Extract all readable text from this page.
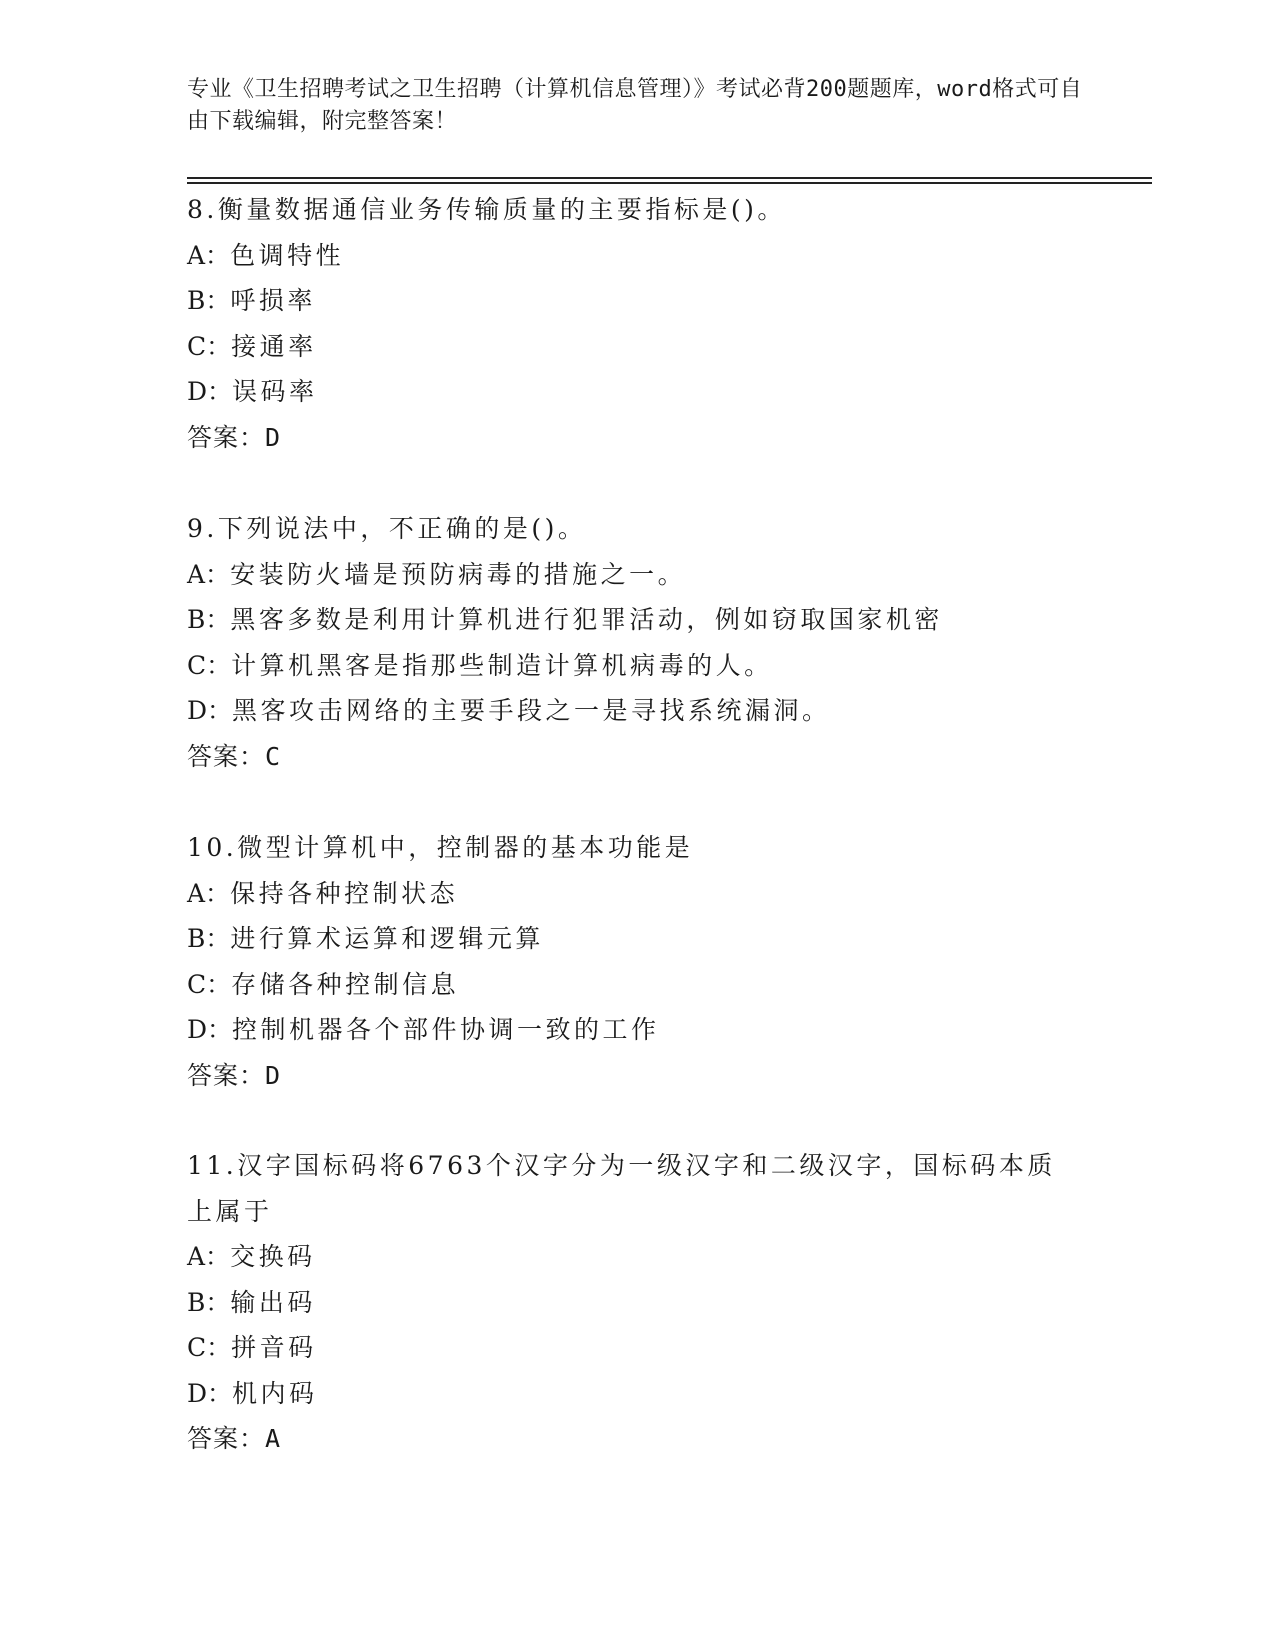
专业《卫生招聘考试之卫生招聘（计算机信息管理）》考试必背200题题库，word格式可自由下载编辑，附完整答案！
8.衡量数据通信业务传输质量的主要指标是()。
A：色调特性
B：呼损率
C：接通率
D：误码率
答案：D
9.下列说法中，不正确的是()。
A：安装防火墙是预防病毒的措施之一。
B：黑客多数是利用计算机进行犯罪活动，例如窃取国家机密
C：计算机黑客是指那些制造计算机病毒的人。
D：黑客攻击网络的主要手段之一是寻找系统漏洞。
答案：C
10.微型计算机中，控制器的基本功能是
A：保持各种控制状态
B：进行算术运算和逻辑元算
C：存储各种控制信息
D：控制机器各个部件协调一致的工作
答案：D
11.汉字国标码将6763个汉字分为一级汉字和二级汉字，国标码本质上属于
A：交换码
B：输出码
C：拼音码
D：机内码
答案：A
